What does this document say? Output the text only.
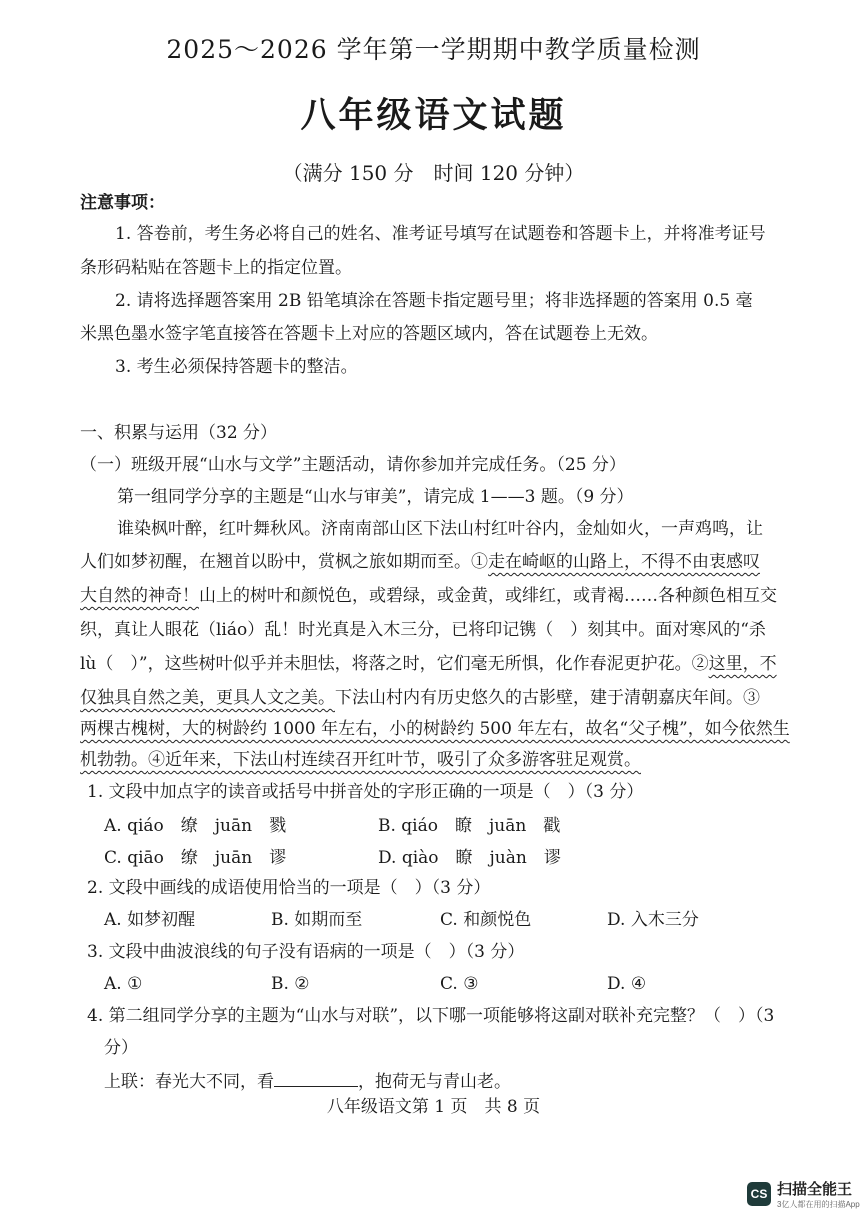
2025～2026 学年第一学期期中教学质量检测
八年级语文试题
（满分 150 分　时间 120 分钟）
注意事项：
1. 答卷前，考生务必将自己的姓名、准考证号填写在试题卷和答题卡上，并将准考证号
条形码粘贴在答题卡上的指定位置。
2. 请将选择题答案用 2B 铅笔填涂在答题卡指定题号里；将非选择题的答案用 0.5 毫
米黑色墨水签字笔直接答在答题卡上对应的答题区域内，答在试题卷上无效。
3. 考生必须保持答题卡的整洁。
一、积累与运用（32 分）
（一）班级开展“山水与文学”主题活动，请你参加并完成任务。（25 分）
第一组同学分享的主题是“山水与审美”，请完成 1——3 题。（9 分）
谁染枫叶醉，红叶舞秋风。济南南部山区下法山村红叶谷内，金灿如火，一声鸡鸣，让
人们如梦初醒，在翘首以盼中，赏枫之旅如期而至。①走在崎岖的山路上，不得不由衷感叹
大自然的神奇！山上的树叶和颜悦色，或碧绿，或金黄，或绯红，或青褐……各种颜色相互交
织，真让人眼花（liáo）乱！时光真是入木三分，已将印记镌（　）刻其中。面对寒风的“杀
lù（　）”，这些树叶似乎并未胆怯，将落之时，它们毫无所惧，化作春泥更护花。②这里，不
仅独具自然之美，更具人文之美。下法山村内有历史悠久的古影壁，建于清朝嘉庆年间。③
两棵古槐树，大的树龄约 1000 年左右，小的树龄约 500 年左右，故名“父子槐”，如今依然生
机勃勃。④近年来，下法山村连续召开红叶节，吸引了众多游客驻足观赏。
1. 文段中加点字的读音或括号中拼音处的字形正确的一项是（　）（3 分）
A. qiáo　缭　juān　戮	B. qiáo　瞭　juān　戳
C. qiāo　缭　juān　谬	D. qiào　瞭　juàn　谬
2. 文段中画线的成语使用恰当的一项是（　）（3 分）
A. 如梦初醒	B. 如期而至	C. 和颜悦色	D. 入木三分
3. 文段中曲波浪线的句子没有语病的一项是（　）（3 分）
A. ①	B. ②	C. ③	D. ④
4. 第二组同学分享的主题为“山水与对联”，以下哪一项能够将这副对联补充完整？（　）（3
分）
上联：春光大不同，看	，抱荷无与青山老。
八年级语文第 1 页　共 8 页
CS 扫描全能王
3亿人都在用的扫描App
